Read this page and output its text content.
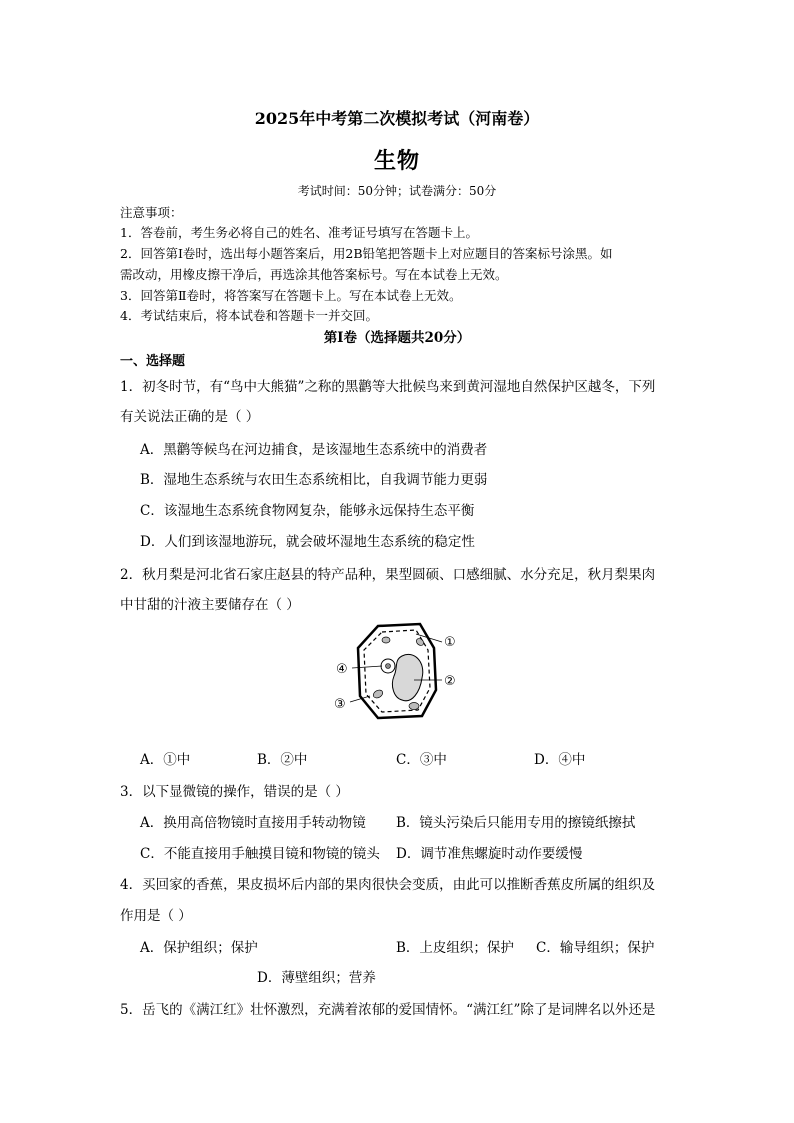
2025年中考第二次模拟考试（河南卷）
生物
考试时间：50分钟；试卷满分：50分
注意事项：
1．答卷前，考生务必将自己的姓名、准考证号填写在答题卡上。
2．回答第Ⅰ卷时，选出每小题答案后，用2B铅笔把答题卡上对应题目的答案标号涂黑。如
需改动，用橡皮擦干净后，再选涂其他答案标号。写在本试卷上无效。
3．回答第Ⅱ卷时，将答案写在答题卡上。写在本试卷上无效。
4．考试结束后，将本试卷和答题卡一并交回。
第Ⅰ卷（选择题共20分）
一、选择题
1．初冬时节，有“鸟中大熊猫”之称的黑鹳等大批候鸟来到黄河湿地自然保护区越冬，下列
有关说法正确的是（ ）
A．黑鹳等候鸟在河边捕食，是该湿地生态系统中的消费者
B．湿地生态系统与农田生态系统相比，自我调节能力更弱
C．该湿地生态系统食物网复杂，能够永远保持生态平衡
D．人们到该湿地游玩，就会破坏湿地生态系统的稳定性
2．秋月梨是河北省石家庄赵县的特产品种，果型圆硕、口感细腻、水分充足，秋月梨果肉
中甘甜的汁液主要储存在（ ）
①
②
③
④
A．①中	B．②中	C．③中	D．④中
3．以下显微镜的操作，错误的是（ ）
A．换用高倍物镜时直接用手转动物镜 B．镜头污染后只能用专用的擦镜纸擦拭
C．不能直接用手触摸目镜和物镜的镜头 D．调节准焦螺旋时动作要缓慢
4．买回家的香蕉，果皮损坏后内部的果肉很快会变质，由此可以推断香蕉皮所属的组织及
作用是（ ）
A．保护组织；保护	B．上皮组织；保护 C．输导组织；保护
D．薄壁组织；营养
5．岳飞的《满江红》壮怀激烈，充满着浓郁的爱国情怀。“满江红”除了是词牌名以外还是
